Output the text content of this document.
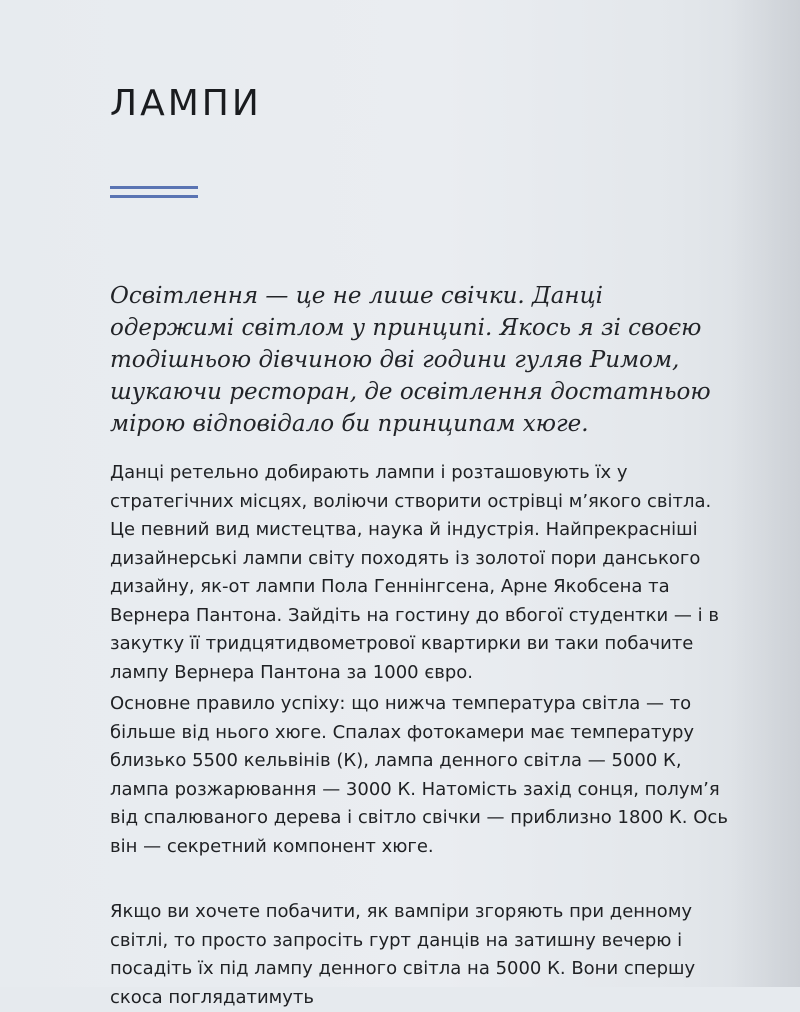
ЛАМПИ

Освітлення — це не лише свічки. Данці одержимі світлом у принципі. Якось я зі своєю тодішньою дівчиною дві години гуляв Римом, шукаючи ресторан, де освітлення достатньою мірою відповідало би принципам хюге.

Данці ретельно добирають лампи і розташовують їх у стратегічних місцях, воліючи створити острівці м’якого світла. Це певний вид мистецтва, наука й індустрія. Найпрекрасніші дизайнерські лампи світу походять із золотої пори данського дизайну, як-от лампи Пола Геннінгсена, Арне Якобсена та Вернера Пантона. Зайдіть на гостину до вбогої студентки — і в закутку її тридцятидвометрової квартирки ви таки побачите лампу Вернера Пантона за 1000 євро.

Основне правило успіху: що нижча температура світла — то більше від нього хюге. Спалах фотокамери має температуру близько 5500 кельвінів (К), лампа денного світла — 5000 К, лампа розжарювання — 3000 К. Натомість захід сонця, полум’я від спалюваного дерева і світло свічки — приблизно 1800 К. Ось він — секретний компонент хюге.

Якщо ви хочете побачити, як вампіри згоряють при денному світлі, то просто запросіть гурт данців на затишну вечерю і посадіть їх під лампу денного світла на 5000 К. Вони спершу скоса поглядатимуть
